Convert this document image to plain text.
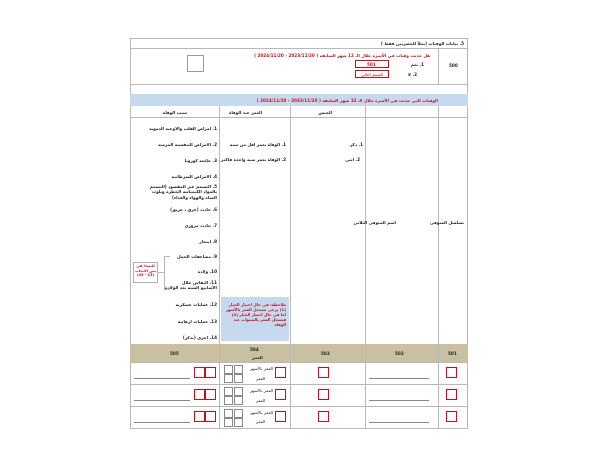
5. بيانات الوفيات (تملأ للحضريين فقط )
هل حدثت وفيات في الأسرة خلال الـ 12 شهر السابقة ( 2023/11/20 - 2024/11/20 )
500
1. نعم
501
2. لا
القسم التالي
الوفيات التي حدثت في الأسرة خلال الـ 12 شهر السابقة ( 2023/11/20 - 2024/11/20 )
العمر عند الوفاة
سبب الوفاة	الجنس
تسلسل المتوفى
اسم المتوفى الثلاثي
1. ذكر
2. انثى
1. الوفاة بعمر اقل من سنة
2. الوفاة بعمر سنة واحدة فاكثر
1. امراض القلب والاوعية الدموية
2. الامراض التنفسية المزمنة
3. جائحة كورونا
4. الامراض السرطانية
5. التسمم غير المقصود (التسمم بالمواد الكيميائية الخطرة وتلوث المياه والهواء والغذاء)
6. حادث (غرق ، حريق)
7. حادث مروري
8. انتحار
9. مضاعفات الحمل
10. ولادة
11. النفاس خلال الأسابيع الستة بعد الولادة
12. عمليات عسكرية
13. عمليات ارهابية
14. اخرى (تذكر)
للنساء في سن الانجاب (15 - 49)
ملاحظة: في حال اختيار الخيار (1) يرجى تسجيل العمر بالأشهر اما في حال اختيار الخيار (2) فيسجل العمر بالسنوات عند الوفاة
501
502
503
504
العمر
505
العمر بالأشهر
العمر
العمر بالأشهر
العمر
العمر بالأشهر
العمر
